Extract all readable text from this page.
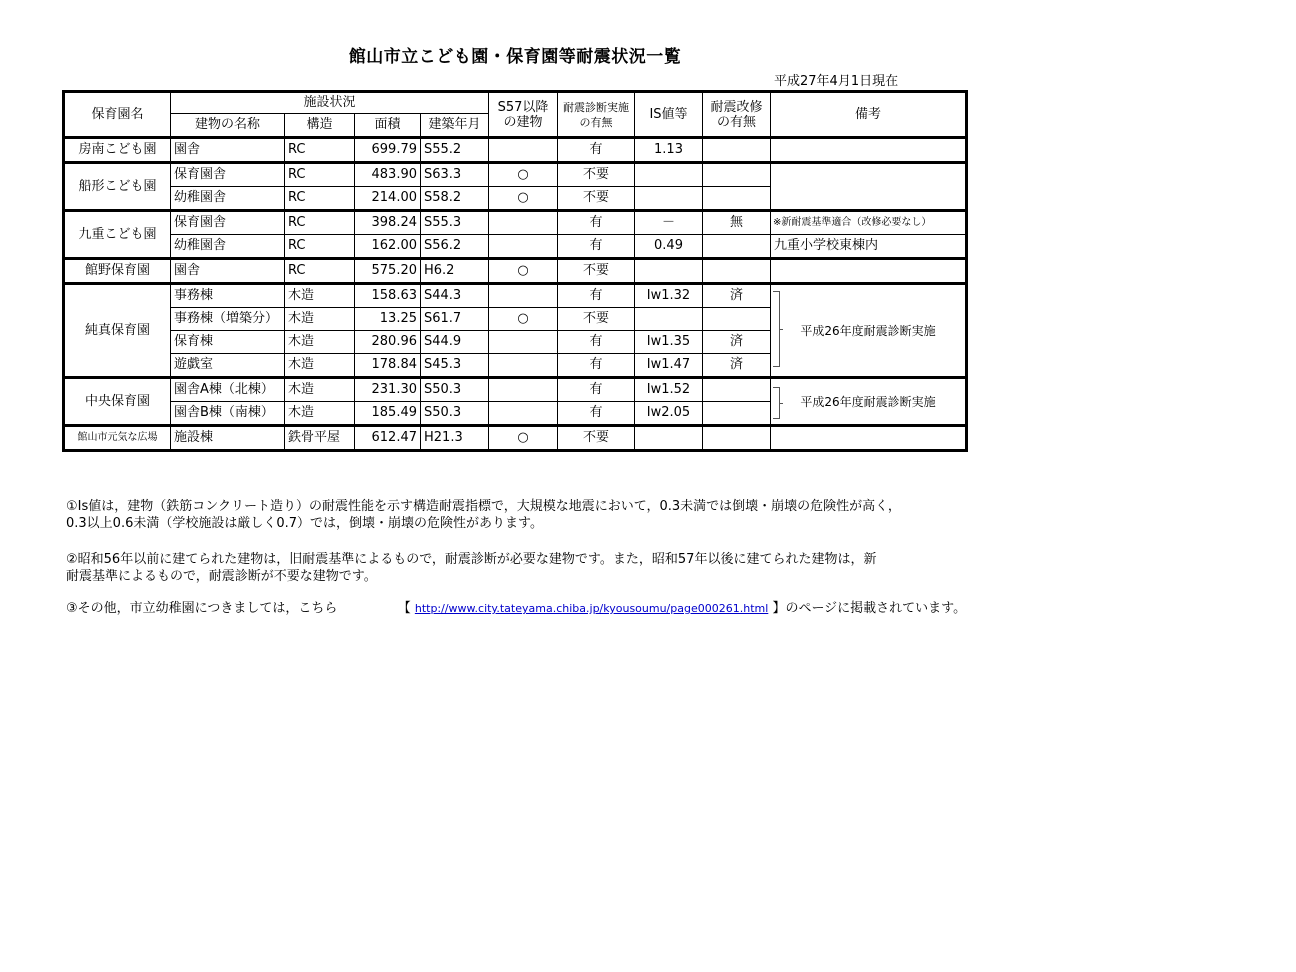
館山市立こども園・保育園等耐震状況一覧
平成27年4月1日現在
保育園名	施設状況				S57以降の建物	耐震診断実施の有無	IS値等	耐震改修の有無	備考
	建物の名称	構造	面積	建築年月					
房南こども園	園舎	RC	699.79	S55.2		有	1.13		
船形こども園	保育園舎	RC	483.90	S63.3	○	不要			
	幼稚園舎	RC	214.00	S58.2	○	不要			
九重こども園	保育園舎	RC	398.24	S55.3		有	－	無	※新耐震基準適合（改修必要なし）
	幼稚園舎	RC	162.00	S56.2		有	0.49		九重小学校東棟内
館野保育園	園舎	RC	575.20	H6.2	○	不要			
純真保育園	事務棟	木造	158.63	S44.3		有	Iw1.32	済	平成26年度耐震診断実施
	事務棟（増築分）	木造	13.25	S61.7	○	不要			
	保育棟	木造	280.96	S44.9		有	Iw1.35	済	
	遊戯室	木造	178.84	S45.3		有	Iw1.47	済	
中央保育園	園舎A棟（北棟）	木造	231.30	S50.3		有	Iw1.52		平成26年度耐震診断実施
	園舎B棟（南棟）	木造	185.49	S50.3		有	Iw2.05		
館山市元気な広場	施設棟	鉄骨平屋	612.47	H21.3	○	不要			
①Is値は，建物（鉄筋コンクリート造り）の耐震性能を示す構造耐震指標で，大規模な地震において，0.3未満では倒壊・崩壊の危険性が高く，
0.3以上0.6未満（学校施設は厳しく0.7）では，倒壊・崩壊の危険性があります。
②昭和56年以前に建てられた建物は，旧耐震基準によるもので，耐震診断が必要な建物です。また，昭和57年以後に建てられた建物は，新
耐震基準によるもので，耐震診断が不要な建物です。
③その他，市立幼稚園につきましては，こちら	【 http://www.city.tateyama.chiba.jp/kyousoumu/page000261.html 】のページに掲載されています。
